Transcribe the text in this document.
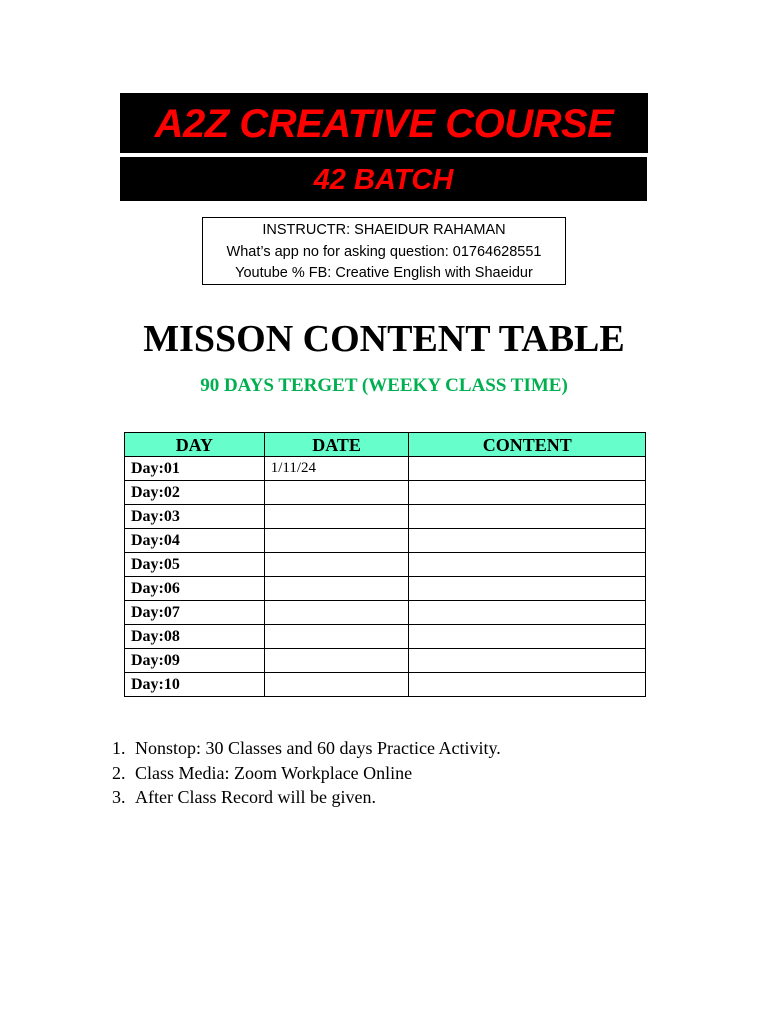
A2Z CREATIVE COURSE
42 BATCH
INSTRUCTR: SHAEIDUR RAHAMAN
What’s app no for asking question: 01764628551
Youtube % FB: Creative English with Shaeidur
MISSON CONTENT TABLE
90 DAYS TERGET (WEEKY CLASS TIME)
DAY	DATE	CONTENT
Day:01	1/11/24	
Day:02		
Day:03		
Day:04		
Day:05		
Day:06		
Day:07		
Day:08		
Day:09		
Day:10		
1. Nonstop: 30 Classes and 60 days Practice Activity.
2. Class Media: Zoom Workplace Online
3. After Class Record will be given.
